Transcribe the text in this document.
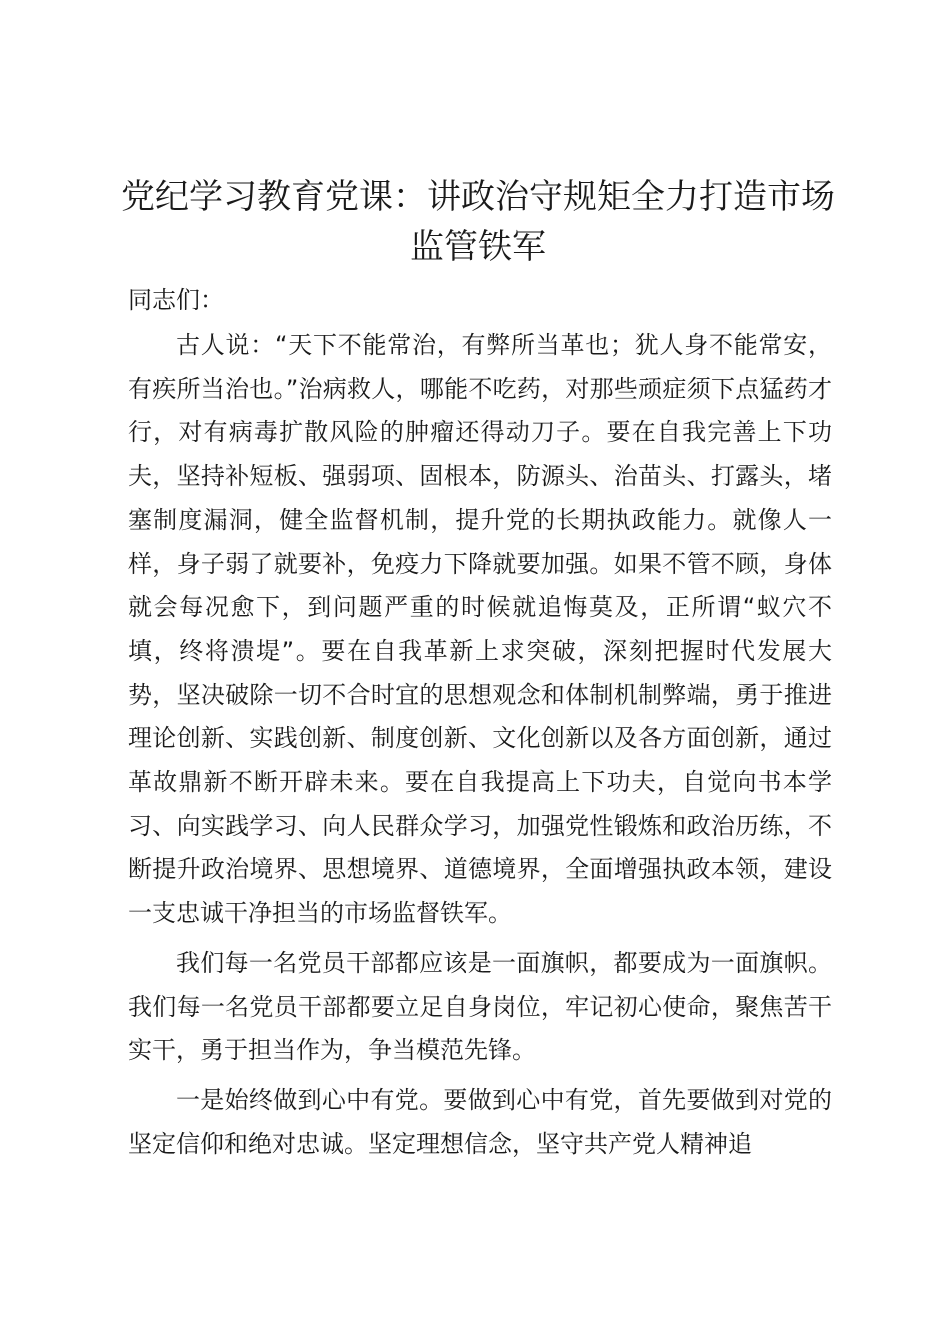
党纪学习教育党课：讲政治守规矩全力打造市场监管铁军

同志们：

古人说：“天下不能常治，有弊所当革也；犹人身不能常安，有疾所当治也。”治病救人，哪能不吃药，对那些顽症须下点猛药才行，对有病毒扩散风险的肿瘤还得动刀子。要在自我完善上下功夫，坚持补短板、强弱项、固根本，防源头、治苗头、打露头，堵塞制度漏洞，健全监督机制，提升党的长期执政能力。就像人一样，身子弱了就要补，免疫力下降就要加强。如果不管不顾，身体就会每况愈下，到问题严重的时候就追悔莫及，正所谓“蚁穴不填，终将溃堤”。要在自我革新上求突破，深刻把握时代发展大势，坚决破除一切不合时宜的思想观念和体制机制弊端，勇于推进理论创新、实践创新、制度创新、文化创新以及各方面创新，通过革故鼎新不断开辟未来。要在自我提高上下功夫，自觉向书本学习、向实践学习、向人民群众学习，加强党性锻炼和政治历练，不断提升政治境界、思想境界、道德境界，全面增强执政本领，建设一支忠诚干净担当的市场监督铁军。

我们每一名党员干部都应该是一面旗帜，都要成为一面旗帜。我们每一名党员干部都要立足自身岗位，牢记初心使命，聚焦苦干实干，勇于担当作为，争当模范先锋。

一是始终做到心中有党。要做到心中有党，首先要做到对党的坚定信仰和绝对忠诚。坚定理想信念，坚守共产党人精神追
